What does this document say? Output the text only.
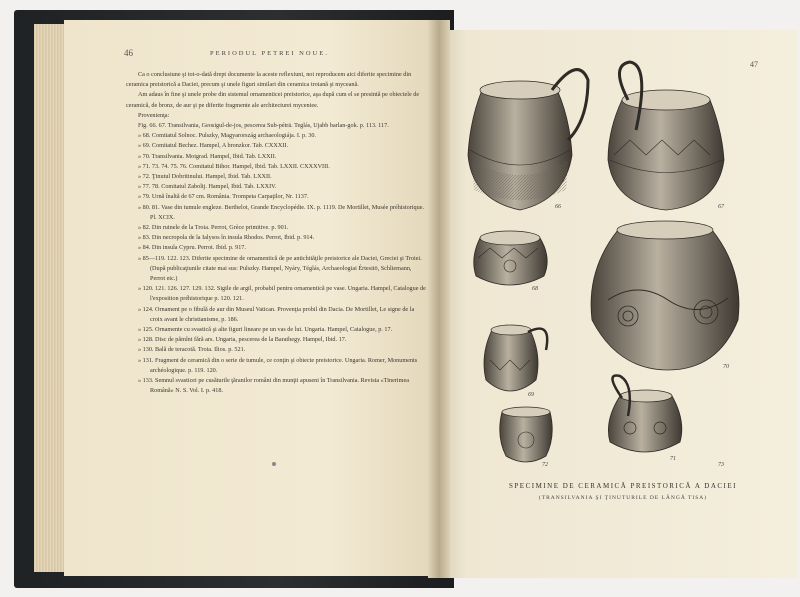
46	PERIODUL PETREI NOUE.
47

Ca o conclusiune şi tot-o-dată drept documente la aceste reflexiuni, noi reproducem aici diferite specimine din ceramica preistorică a Daciei, precum şi unele figuri similari din ceramica troiană şi myceană.

Am adaus în fine şi unele probe din sistemul ornamenticei preistorice, aşa după cum el se presintă pe obiectele de ceramică, de bronz, de aur şi pe diferite fragmente ale architecturei myceniee.

Provenienţa:

Fig. 66. 67. Transilvania, Geosigul-de-jos, pescerea Sub-pétrā. Teglás, Ujabb barlan-gok. p. 113. 117.
» 68. Comitatul Solnoc. Pulszky, Magyarország archaeologiája. I. p. 30.
» 69. Comitatul Bechez. Hampel, A bronzkor. Tab. CXXXII.
» 70. Transilvania. Moigrad. Hampel, Ibid. Tab. LXXII.
» 71. 73. 74. 75. 76. Comitatul Bihor. Hampel, Ibid. Tab. LXXII. CXXXVIII.
» 72. Ţinutul Dobritinului. Hampel, Ibid. Tab. LXXII.
» 77. 78. Comitatul Zaboltj. Hampel, Ibid. Tab. LXXIV.
» 79. Urnă înaltă de 67 cm. România. Trompeta Carpaţilor, Nr. 1137.
» 80. 81. Vase din tumule engleze. Berthelot, Grande Encyclopédie. IX. p. 1119. De Mortillet, Musée préhistorique. Pl. XCIX.
» 82. Din ruinele de la Troia. Perrot, Grèce primitive. p. 901.
» 83. Din necropola de la Ialysos în insula Rhodos. Perrot, Ibid. p. 914.
» 84. Din insula Cypru. Perrot. Ibid. p. 917.
» 85—119. 122. 123. Diferite specimine de ornamentică de pe antichităţile preistorice ale Daciei, Greciei şi Troiei. (După publicaţiunile citate mai sus: Pulszky. Hampel, Nyáry, Téglás, Archaeologiai Értesitö, Schliemann, Perrot etc.)
» 120. 121. 126. 127. 129. 132. Sigile de argil, probabil pentru ornamentică pe vase. Ungaria. Hampel, Catalogue de l'exposition préhistorique p. 120. 121.
» 124. Ornament pe o fibulă de aur din Museul Vatican. Provenţia probil din Dacia. De Mortillet, Le signe de la croix avant le christianisme, p. 186.
» 125. Ornamente cu svastică şi alte figuri lineare pe un vas de lut. Ungaria. Hampel, Catalogue, p. 17.
» 128. Disc de pămînt fără ars. Ungaria, pescerea de la Barathegy. Hampel, Ibid. 17.
» 130. Bală de teracotă. Troia. Ilios. p. 521.
» 131. Fragment de ceramică din o serie de tumule, ce conţin şi obiecte preistorice. Ungaria. Romer, Monuments archéologique. p. 119. 120.
» 133. Semnul svasticei pe cusăturile ţăranilor români din munţii apuseni în Transilvania. Revista «Tinerimea Română» N. S. Vol. I. p. 418.
66	67
68
70
69
71
72	73
SPECIMINE DE CERAMICĂ PREISTORICĂ A DACIEI
(TRANSILVANIA ŞI ŢINUTURILE DE LÂNGĂ TISA)
